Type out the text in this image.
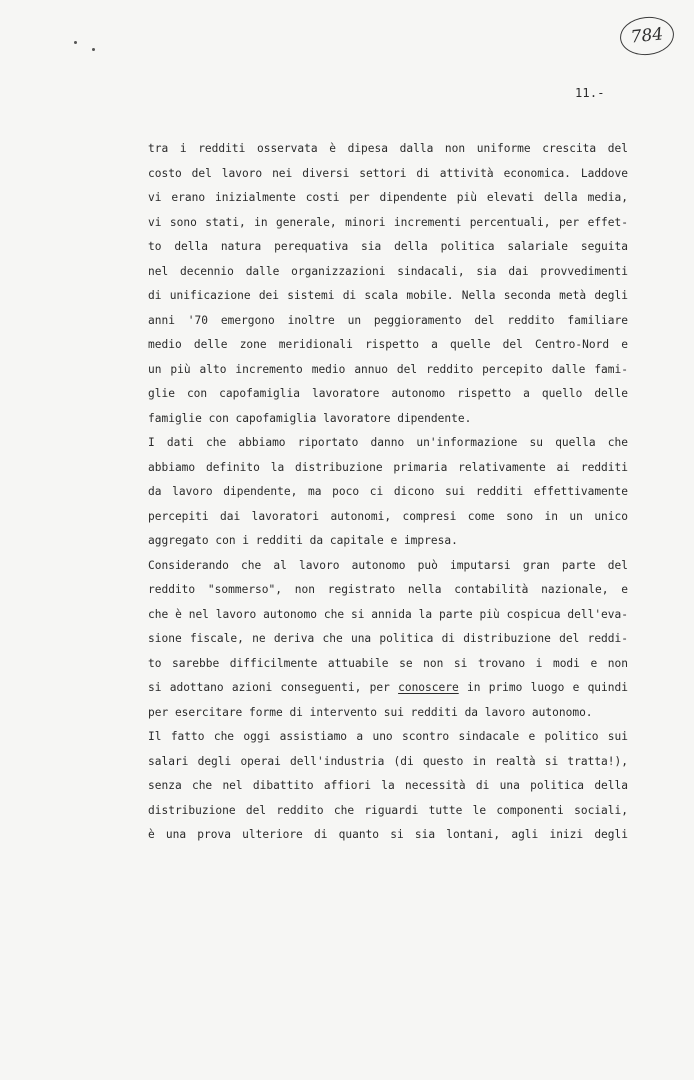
784
11.-
tra i redditi osservata è dipesa dalla non uniforme crescita del
costo del lavoro nei diversi settori di attività economica. Laddove
vi erano inizialmente costi per dipendente più elevati della media,
vi sono stati, in generale, minori incrementi percentuali, per effet-
to della natura perequativa sia della politica salariale seguita
nel decennio dalle organizzazioni sindacali, sia dai provvedimenti
di unificazione dei sistemi di scala mobile. Nella seconda metà degli
anni '70 emergono inoltre un peggioramento del reddito familiare
medio delle zone meridionali rispetto a quelle del Centro-Nord e
un più alto incremento medio annuo del reddito percepito dalle fami-
glie con capofamiglia lavoratore autonomo rispetto a quello delle
famiglie con capofamiglia lavoratore dipendente.
I dati che abbiamo riportato danno un'informazione su quella che
abbiamo definito la distribuzione primaria relativamente ai redditi
da lavoro dipendente, ma poco ci dicono sui redditi effettivamente
percepiti dai lavoratori autonomi, compresi come sono in un unico
aggregato con i redditi da capitale e impresa.
Considerando che al lavoro autonomo può imputarsi gran parte del
reddito "sommerso", non registrato nella contabilità nazionale, e
che è nel lavoro autonomo che si annida la parte più cospicua dell'eva-
sione fiscale, ne deriva che una politica di distribuzione del reddi-
to sarebbe difficilmente attuabile se non si trovano i modi e non
si adottano azioni conseguenti, per conoscere in primo luogo e quindi
per esercitare forme di intervento sui redditi da lavoro autonomo.
Il fatto che oggi assistiamo a uno scontro sindacale e politico sui
salari degli operai dell'industria (di questo in realtà si tratta!),
senza che nel dibattito affiori la necessità di una politica della
distribuzione del reddito che riguardi tutte le componenti sociali,
è una prova ulteriore di quanto si sia lontani, agli inizi degli
